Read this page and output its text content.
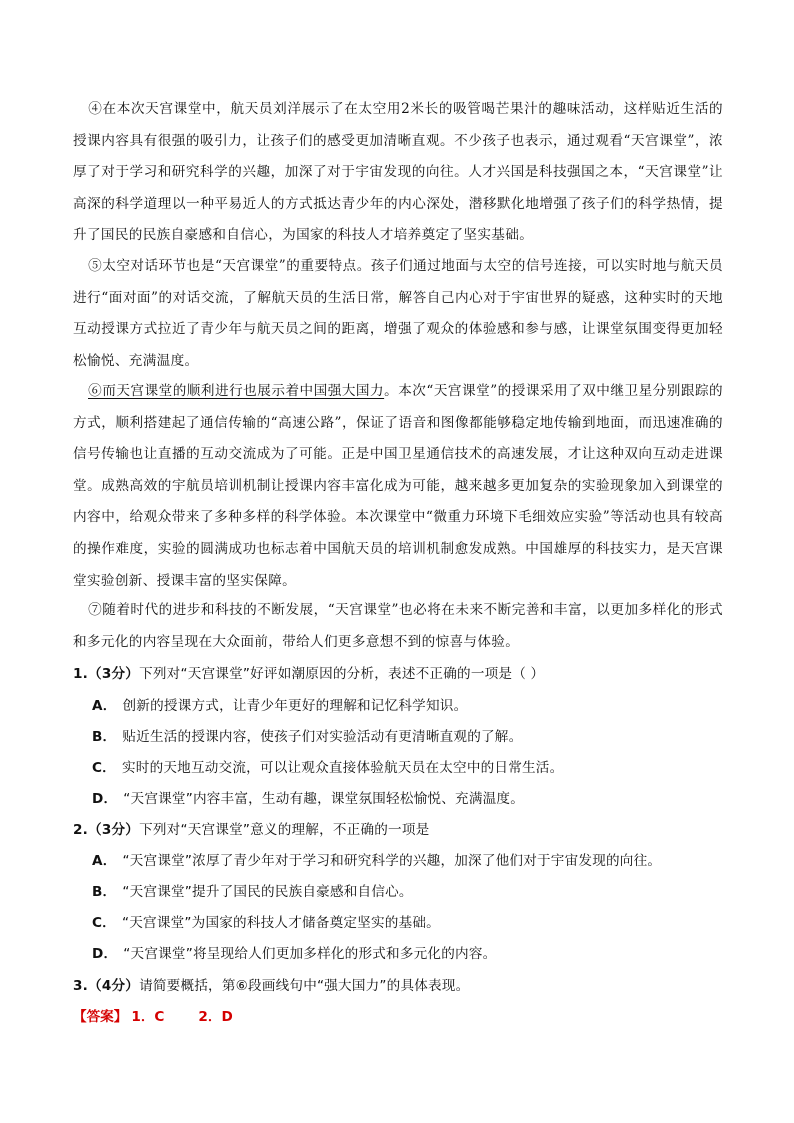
④在本次天宫课堂中，航天员刘洋展示了在太空用2米长的吸管喝芒果汁的趣味活动，这样贴近生活的授课内容具有很强的吸引力，让孩子们的感受更加清晰直观。不少孩子也表示，通过观看“天宫课堂”，浓厚了对于学习和研究科学的兴趣，加深了对于宇宙发现的向往。人才兴国是科技强国之本，“天宫课堂”让高深的科学道理以一种平易近人的方式抵达青少年的内心深处，潜移默化地增强了孩子们的科学热情，提升了国民的民族自豪感和自信心，为国家的科技人才培养奠定了坚实基础。
⑤太空对话环节也是“天宫课堂”的重要特点。孩子们通过地面与太空的信号连接，可以实时地与航天员进行“面对面”的对话交流，了解航天员的生活日常，解答自己内心对于宇宙世界的疑惑，这种实时的天地互动授课方式拉近了青少年与航天员之间的距离，增强了观众的体验感和参与感，让课堂氛围变得更加轻松愉悦、充满温度。
⑥而天宫课堂的顺利进行也展示着中国强大国力。本次“天宫课堂”的授课采用了双中继卫星分别跟踪的方式，顺利搭建起了通信传输的“高速公路”，保证了语音和图像都能够稳定地传输到地面，而迅速准确的信号传输也让直播的互动交流成为了可能。正是中国卫星通信技术的高速发展，才让这种双向互动走进课堂。成熟高效的宇航员培训机制让授课内容丰富化成为可能，越来越多更加复杂的实验现象加入到课堂的内容中，给观众带来了多种多样的科学体验。本次课堂中“微重力环境下毛细效应实验”等活动也具有较高的操作难度，实验的圆满成功也标志着中国航天员的培训机制愈发成熟。中国雄厚的科技实力，是天宫课堂实验创新、授课丰富的坚实保障。
⑦随着时代的进步和科技的不断发展，“天宫课堂”也必将在未来不断完善和丰富，以更加多样化的形式和多元化的内容呈现在大众面前，带给人们更多意想不到的惊喜与体验。
1.（3分）下列对“天宫课堂”好评如潮原因的分析，表述不正确的一项是（ ）
A． 创新的授课方式，让青少年更好的理解和记忆科学知识。
B． 贴近生活的授课内容，使孩子们对实验活动有更清晰直观的了解。
C． 实时的天地互动交流，可以让观众直接体验航天员在太空中的日常生活。
D． “天宫课堂”内容丰富，生动有趣，课堂氛围轻松愉悦、充满温度。
2.（3分）下列对“天宫课堂”意义的理解，不正确的一项是
A． “天宫课堂”浓厚了青少年对于学习和研究科学的兴趣，加深了他们对于宇宙发现的向往。
B． “天宫课堂”提升了国民的民族自豪感和自信心。
C． “天宫课堂”为国家的科技人才储备奠定坚实的基础。
D． “天宫课堂”将呈现给人们更加多样化的形式和多元化的内容。
3.（4分）请简要概括，第⑥段画线句中“强大国力”的具体表现。
【答案】 1．C	2．D
